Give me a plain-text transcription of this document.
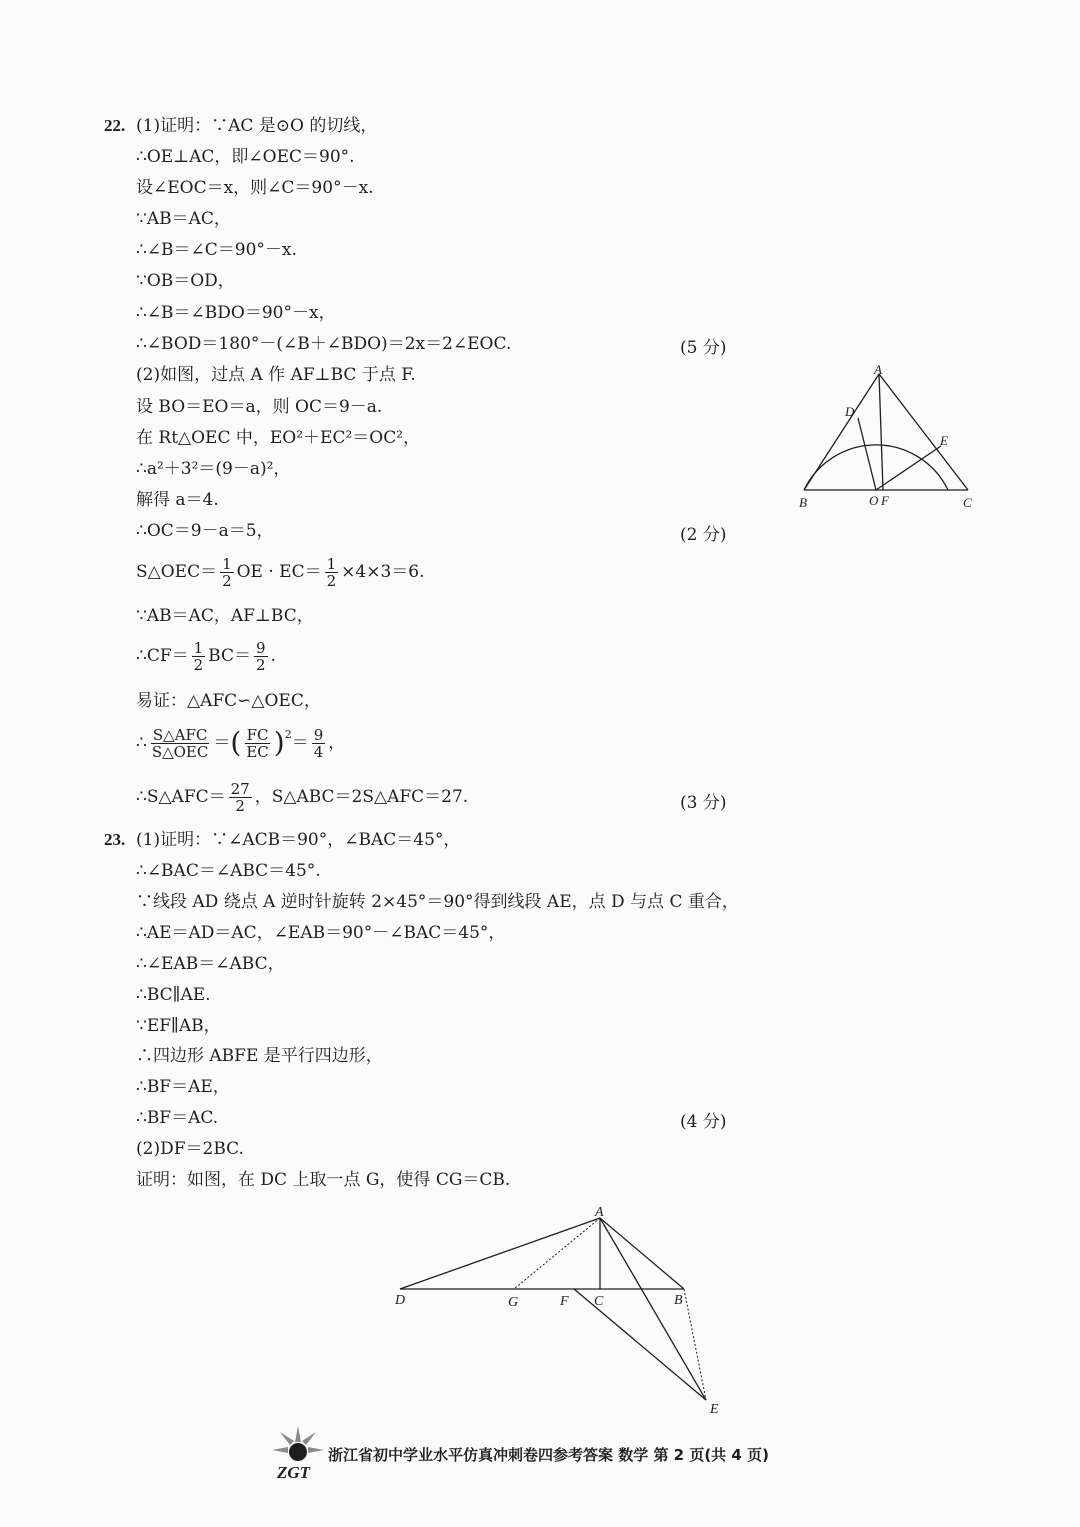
22. (1)证明：∵AC 是⊙O 的切线，
∴OE⊥AC，即∠OEC＝90°.
设∠EOC＝x，则∠C＝90°－x.
∵AB＝AC，
∴∠B＝∠C＝90°－x.
∵OB＝OD，
∴∠B＝∠BDO＝90°－x，
∴∠BOD＝180°－(∠B＋∠BDO)＝2x＝2∠EOC.	(5 分)
(2)如图，过点 A 作 AF⊥BC 于点 F.
设 BO＝EO＝a，则 OC＝9－a.
在 Rt△OEC 中，EO²＋EC²＝OC²，
∴a²＋3²＝(9－a)²，
解得 a＝4.
∴OC＝9－a＝5，	(2 分)
S△OEC＝ $\frac{1}{2}$ OE · $EC= \frac{1}{2} \times 4\times 3=6$.
∵AB＝AC，AF⊥BC，
∴CF＝ $\frac{1}{2} BC= \frac{9}{2}$ .
易证：△AFC∽△OEC，
∴ $\frac{\text{S△AFC}}{\text{S△OEC}}$ ＝ ( $\frac{FC}{EC}$ ) $2 = \frac{9}{4}$ ，
∴S△AFC＝ $\frac{27}{2}$ ，S△ABC＝2S△AFC＝27.	(3 分)
A
D
E
B	O F	C
23. (1)证明：∵∠ACB＝90°，∠BAC＝45°，
∴∠BAC＝∠ABC＝45°.
∵线段 AD 绕点 A 逆时针旋转 2×45°＝90°得到线段 AE，点 D 与点 C 重合，
∴AE＝AD＝AC，∠EAB＝90°－∠BAC＝45°，
∴∠EAB＝∠ABC，
∴BC∥AE.
∵EF∥AB，
∴四边形 ABFE 是平行四边形，
∴BF＝AE，
∴BF＝AC.	(4 分)
(2)DF＝2BC.
证明：如图，在 DC 上取一点 G，使得 CG＝CB.
A
D	G	F C	B
E
ZGT
浙江省初中学业水平仿真冲刺卷四参考答案 数学 第 2 页(共 4 页)
